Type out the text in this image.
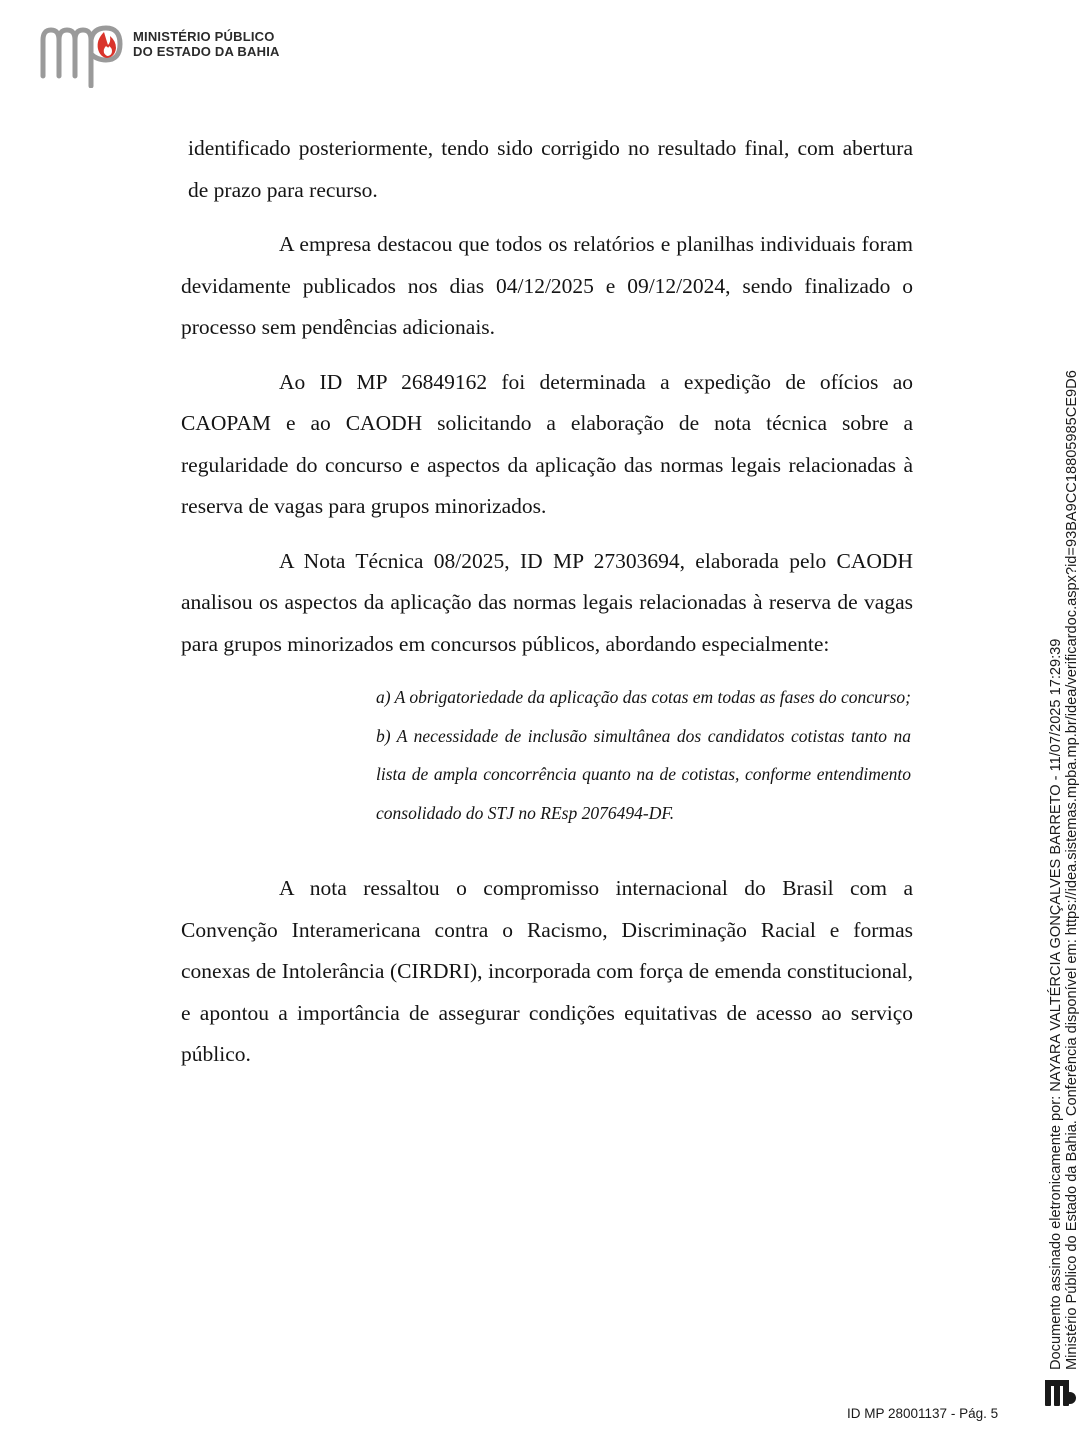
MINISTÉRIO PÚBLICO
DO ESTADO DA BAHIA

identificado posteriormente, tendo sido corrigido no resultado final, com abertura de prazo para recurso.

A empresa destacou que todos os relatórios e planilhas individuais foram devidamente publicados nos dias 04/12/2025 e 09/12/2024, sendo finalizado o processo sem pendências adicionais.

Ao ID MP 26849162 foi determinada a expedição de ofícios ao CAOPAM e ao CAODH solicitando a elaboração de nota técnica sobre a regularidade do concurso e aspectos da aplicação das normas legais relacionadas à reserva de vagas para grupos minorizados.

A Nota Técnica 08/2025, ID MP 27303694, elaborada pelo CAODH analisou os aspectos da aplicação das normas legais relacionadas à reserva de vagas para grupos minorizados em concursos públicos, abordando especialmente:

a) A obrigatoriedade da aplicação das cotas em todas as fases do concurso;

b) A necessidade de inclusão simultânea dos candidatos cotistas tanto na lista de ampla concorrência quanto na de cotistas, conforme entendimento consolidado do STJ no REsp 2076494-DF.

A nota ressaltou o compromisso internacional do Brasil com a Convenção Interamericana contra o Racismo, Discriminação Racial e formas conexas de Intolerância (CIRDRI), incorporada com força de emenda constitucional, e apontou a importância de assegurar condições equitativas de acesso ao serviço público.	Documento assinado eletronicamente por: NAYARA VALTÉRCIA GONÇALVES BARRETO - 11/07/2025 17:29:39 Ministério Público do Estado da Bahia. Conferência disponível em: https://idea.sistemas.mpba.mp.br/idea/verificardoc.aspx?id=93BA9CC18805985CE9D6
ID MP 28001137 - Pág. 5
